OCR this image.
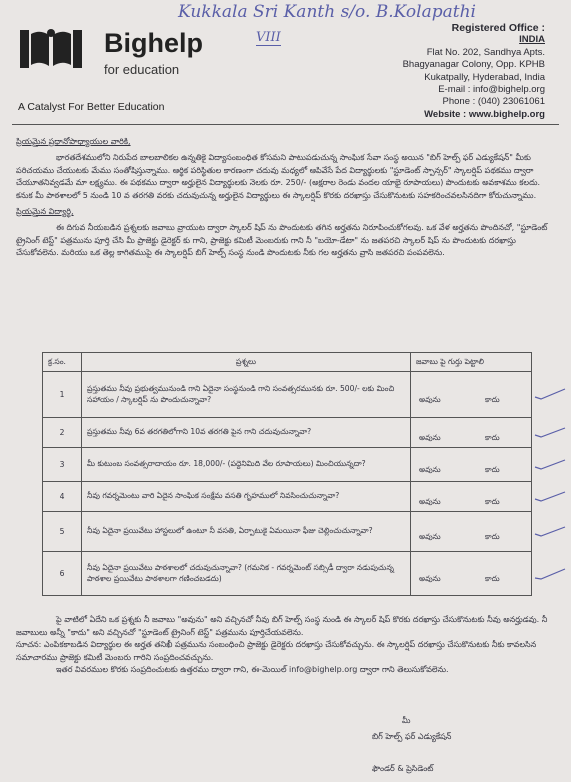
Kukkala Sri Kanth s/o. B.Kolapathi
VIII
Bighelp
for education
A Catalyst For Better Education
Registered Office :
INDIA
Flat No. 202, Sandhya Apts.
Bhagyanagar Colony, Opp. KPHB
Kukatpally, Hyderabad, India
E-mail : info@bighelp.org
Phone : (040) 23061061
Website : www.bighelp.org

ప్రియమైన ప్రధానోపాధ్యాయుల వారికి,

భారతదేశములోని నిరుపేద బాలబాలికల ఉన్నతికై విద్యాసంబంధిత కోసమని పాటుపడుచున్న సాంఘిక సేవా సంస్థ అయిన "బిగ్ హెల్ప్ ఫర్ ఎడ్యుకేషన్" మీకు పరిచయము చేయుటకు మేము సంతోషిస్తున్నాము. ఆర్థిక పరిస్థితుల కారణంగా చదువు మధ్యలో ఆపివేసే పేద విద్యార్థులకు "స్టూడెంట్ స్పాన్సర్" స్కాలర్షిప్ పథకము ద్వారా చేయూతనివ్వడమే మా లక్ష్యము. ఈ పథకము ద్వారా అర్హులైన విద్యార్థులకు నెలకు రూ. 250/- (అక్షరాల రెండు వందల యాభై రూపాయలు) పొందుటకు అవకాశము కలదు. కనుక మీ పాఠశాలలో 5 నుండి 10 వ తరగతి వరకు చదువుచున్న అర్హులైన విద్యార్థులు ఈ స్కాలర్షిప్ కొరకు దరఖాస్తు చేసుకొనుటకు సహకరించవలసినదిగా కోరుచున్నాము.

ప్రియమైన విద్యార్థి,

ఈ దిగువ నీయబడిన ప్రశ్నలకు జవాబు వ్రాయుట ద్వారా స్కాలర్ షిప్ ను పొందుటకు తగిన అర్హతను నిరూపించుకోగలవు. ఒక వేళ అర్హతను పొందినచో, "స్టూడెంట్ ట్రైనింగ్ టెస్ట్" పత్రమును పూర్తి చేసి మీ ప్రాజెక్టు డైరెక్టర్ కు గాని, ప్రాజెక్టు కమిటీ మెంబరుకు గాని నీ "బయో-డేటా" ను జతపరచి స్కాలర్ షిప్ ను పొందుటకు దరఖాస్తు చేసుకోవలెను. మరియు ఒక తెల్ల కాగితముపై ఈ స్కాలర్షిప్ బిగ్ హెల్ప్ సంస్థ నుండి పొందుటకు నీకు గల అర్హతను వ్రాసి జతపరచి పంపవలెను.

క్ర.సం.	ప్రశ్నలు	జవాబు పై గుర్తు పెట్టాలి
1	ప్రస్తుతము నీవు ప్రభుత్వమునుండి గాని ఏదైనా సంస్థనుండి గాని సంవత్సరమునకు రూ. 500/- లకు మించి సహాయం / స్కాలర్షిప్ ను పొందుచున్నావా?	అవును కాదు

2	ప్రస్తుతము నీవు 6వ తరగతిలోగాని 10వ తరగతి పైన గాని చదువుచున్నావా?	అవును కాదు

3	మీ కుటుంబ సంవత్సరాదాయం రూ. 18,000/- (పద్దెనిమిది వేల రూపాయలు) మించియున్నదా?	అవును కాదు

4	నీవు గవర్నమెంటు వారి ఏదైన సాంఘిక సంక్షేమ వసతి గృహములో నివసించుచున్నావా?	అవును కాదు

5	నీవు ఏదైనా ప్రయివేటు హాస్టలులో ఉంటూ నీ వసతి, ఏర్పాటుకై ఏమయినా ఫీజు చెల్లించుచున్నావా?	అవును కాదు

6	నీవు ఏదైనా ప్రయివేటు పాఠశాలలో చదువుచున్నావా? (గమనిక - గవర్నమెంట్ సబ్సిడీ ద్వారా నడుపుచున్న పాఠశాల ప్రయివేటు పాఠశాలగా గణించబడదు)	అవును కాదు

పై వాటిలో ఏదేని ఒక ప్రశ్నకు నీ జవాబు "అవును" అని వచ్చినచో నీవు బిగ్ హెల్ప్ సంస్థ నుండి ఈ స్కాలర్ షిప్ కొరకు దరఖాస్తు చేసుకొనుటకు నీవు అనర్హుడవు. నీ జవాబులు అన్నీ "కాదు" అని వచ్చినచో "స్టూడెంట్ ట్రైనింగ్ టెస్ట్" పత్రమును పూర్తిచేయవలెను.

సూచన: ఎంపికకాబడిన విద్యార్థుల ఈ అర్హత తనిఖీ పత్రమును సంబంధించి ప్రాజెక్టు డైరెక్టరు దరఖాస్తు చేసుకోవచ్చును. ఈ స్కాలర్షిప్ దరఖాస్తు చేసుకొనుటకు నీకు కావలసిన సమాచారము ప్రాజెక్టు కమిటీ మెంబరు గారిని సంప్రదించవచ్చును.

ఇతర వివరముల కొరకు సంప్రదించుటకు ఉత్తరము ద్వారా గాని, ఈ-మెయిల్ info@bighelp.org ద్వారా గాని తెలుసుకోవలెను.

మీ
బిగ్ హెల్ప్ ఫర్ ఎడ్యుకేషన్
ఫౌండర్ & ప్రెసిడెంట్
